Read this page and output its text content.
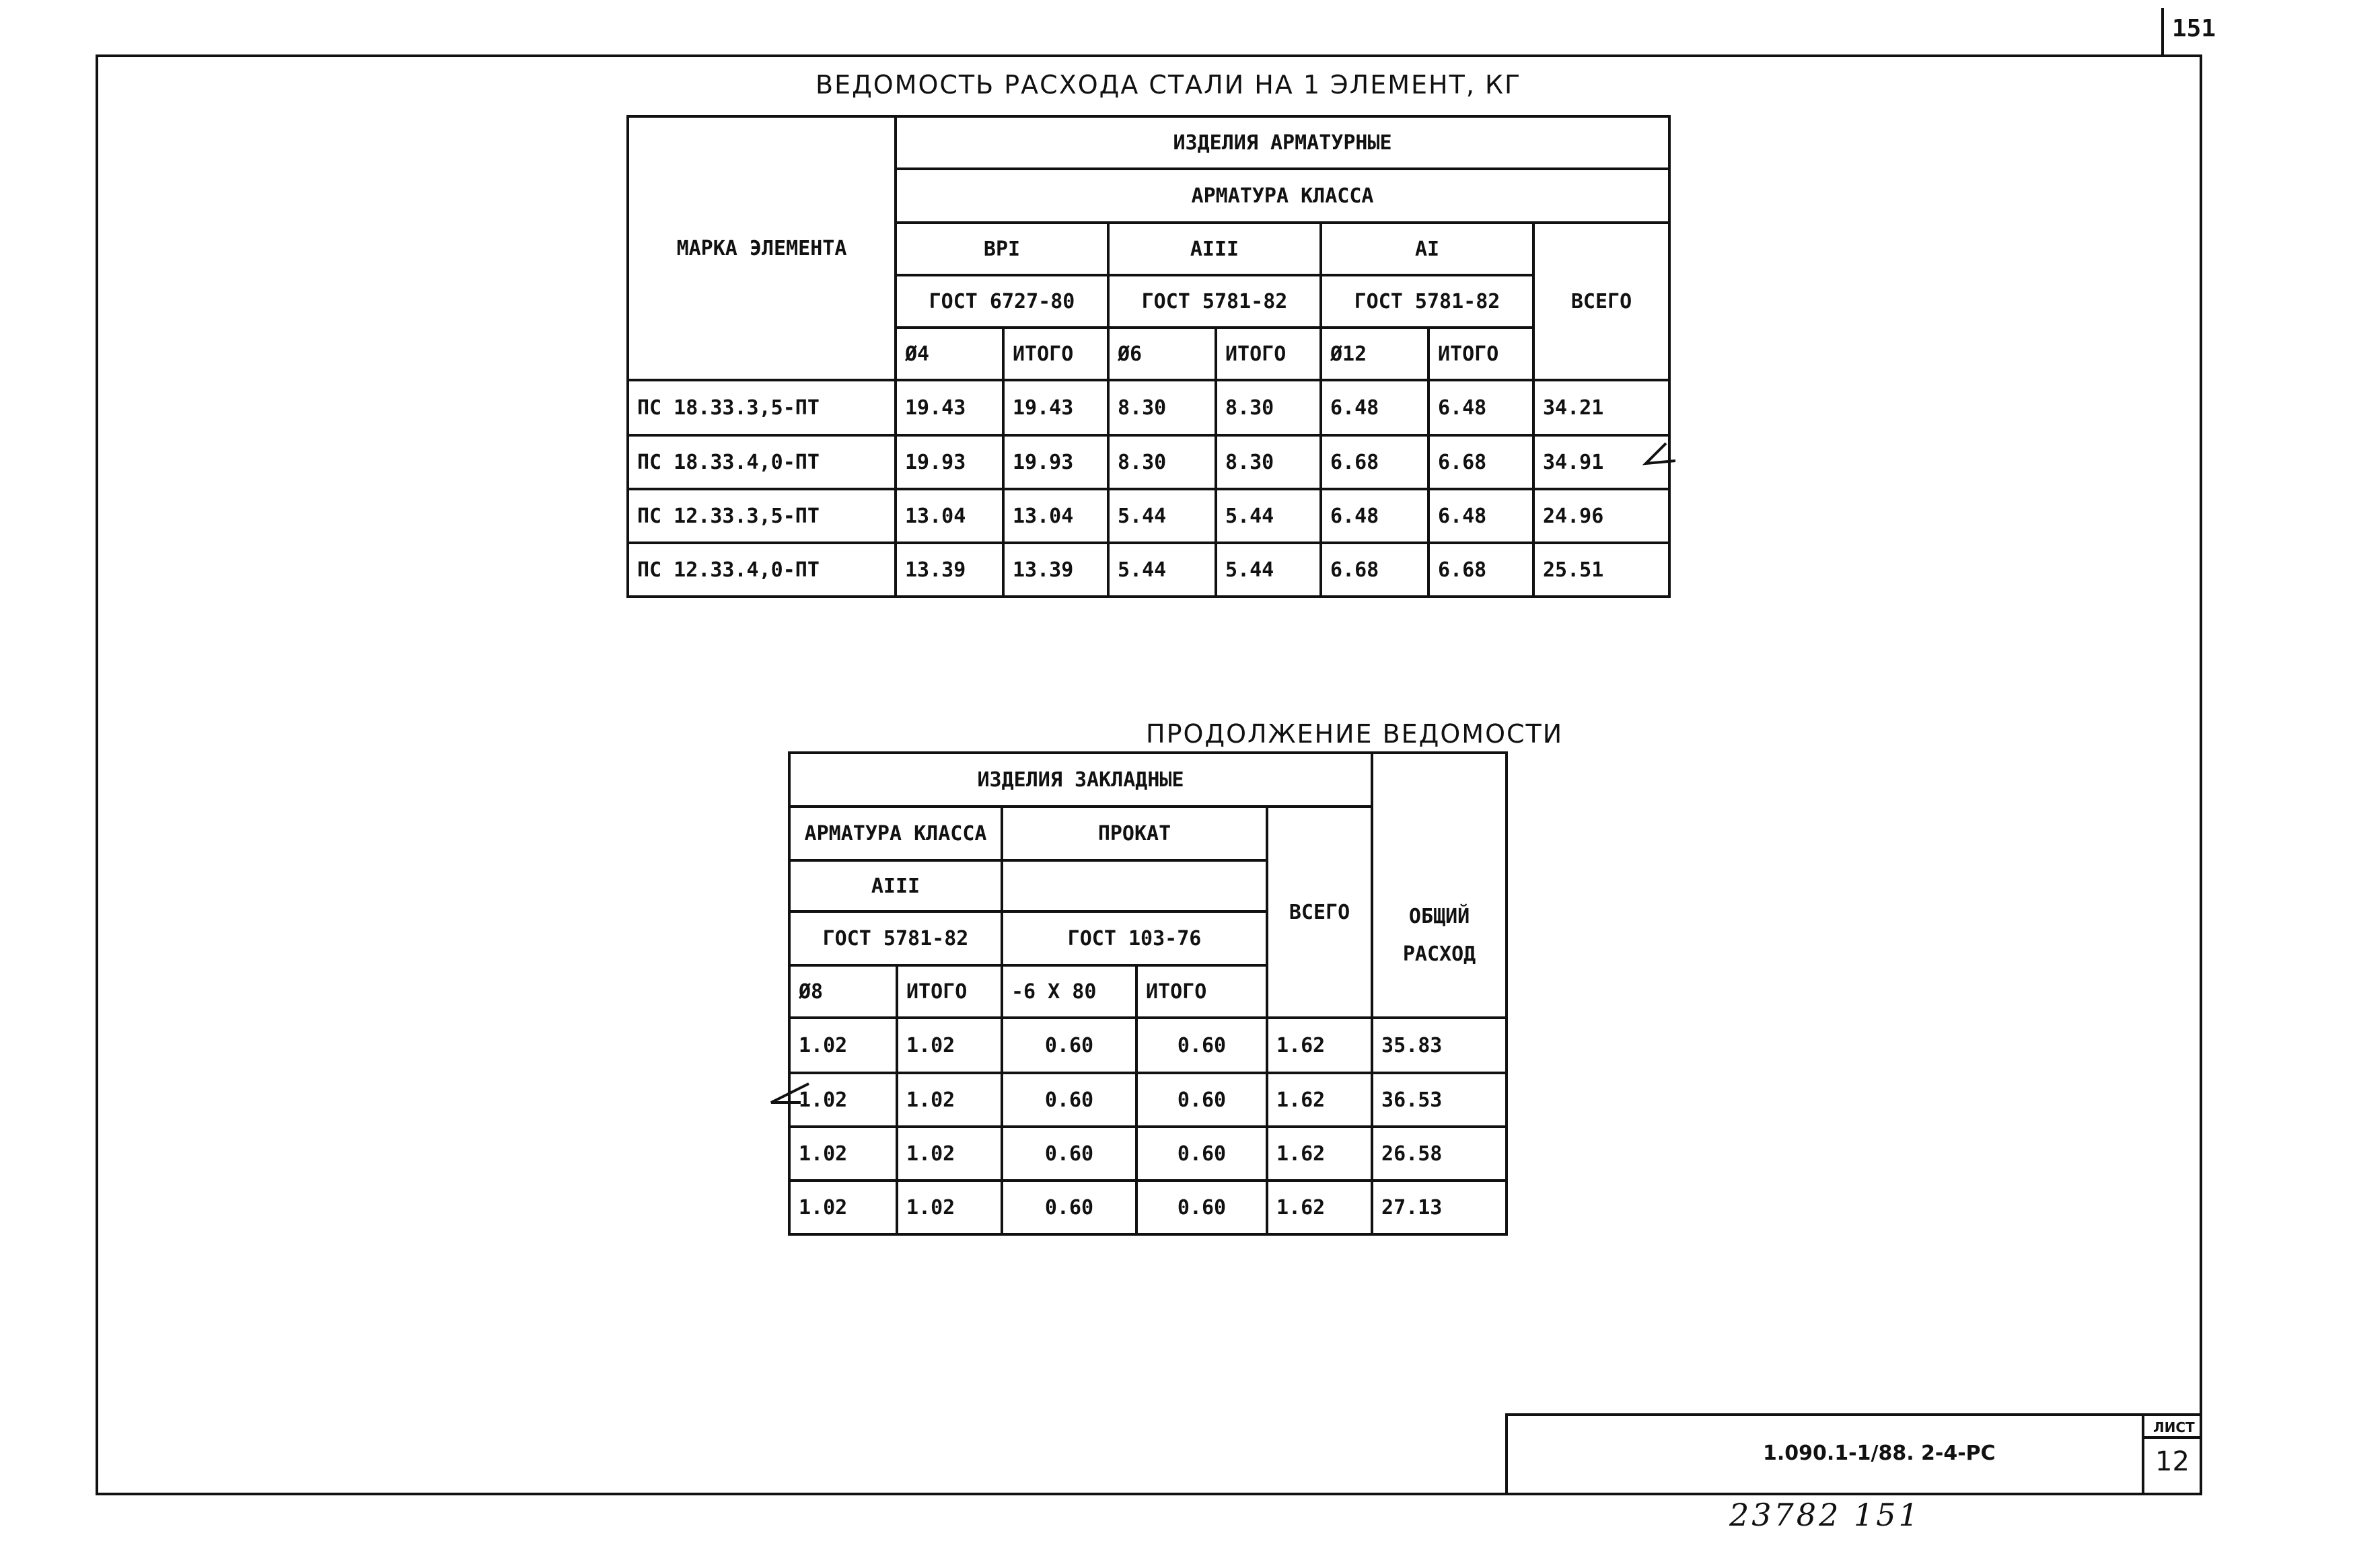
151
ВЕДОМОСТЬ РАСХОДА СТАЛИ НА 1 ЭЛЕМЕНТ, КГ
МАРКА ЭЛЕМЕНТА	ИЗДЕЛИЯ АРМАТУРНЫЕ						
	АРМАТУРА КЛАССА						
	ВРI		АIII		АI		ВСЕГО
	ГОСТ 6727-80		ГОСТ 5781-82		ГОСТ 5781-82		
	Ø4	ИТОГО	Ø6	ИТОГО	Ø12	ИТОГО	
ПС 18.33.3,5-ПТ	19.43	19.43	8.30	8.30	6.48	6.48	34.21
ПС 18.33.4,0-ПТ	19.93	19.93	8.30	8.30	6.68	6.68	34.91
ПС 12.33.3,5-ПТ	13.04	13.04	5.44	5.44	6.48	6.48	24.96
ПС 12.33.4,0-ПТ	13.39	13.39	5.44	5.44	6.68	6.68	25.51
ПРОДОЛЖЕНИЕ ВЕДОМОСТИ
ИЗДЕЛИЯ ЗАКЛАДНЫЕ					ОБЩИЙ
РАСХОД

АРМАТУРА КЛАССА		ПРОКАТ		ВСЕГО	
АIII					
ГОСТ 5781-82		ГОСТ 103-76			
Ø8	ИТОГО	-6 Х 80	ИТОГО		
1.02	1.02	0.60	0.60	1.62	35.83
1.02	1.02	0.60	0.60	1.62	36.53
1.02	1.02	0.60	0.60	1.62	26.58
1.02	1.02	0.60	0.60	1.62	27.13
1.090.1-1/88. 2-4-PC
ЛИСТ
12
23782 151
